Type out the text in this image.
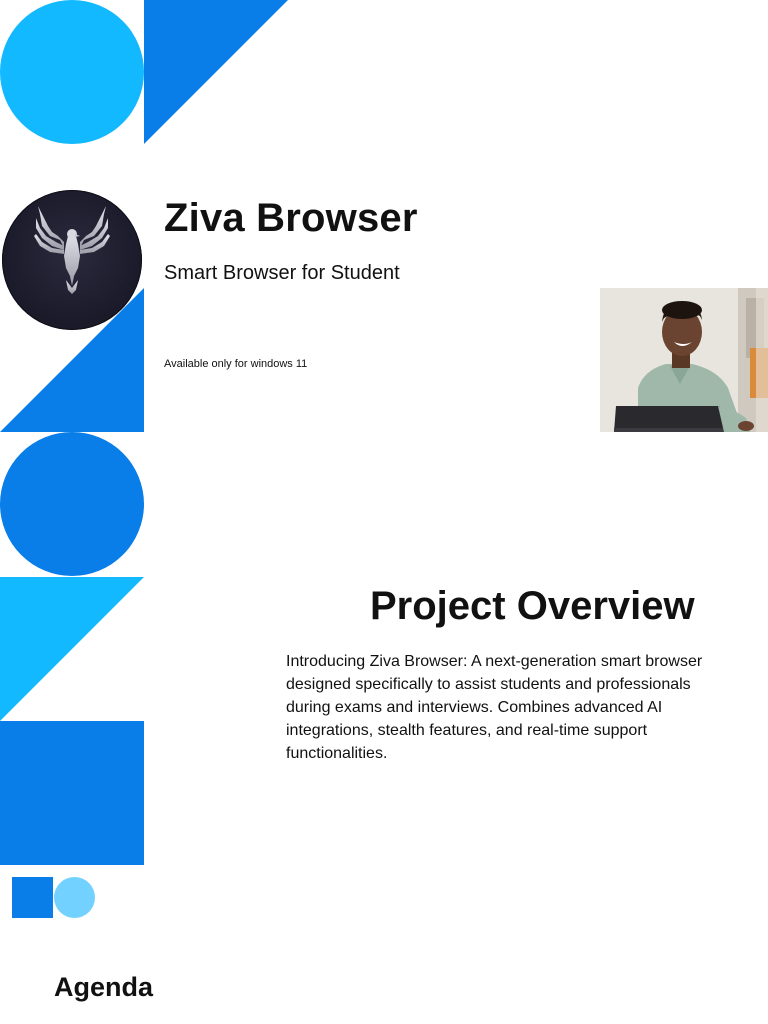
Ziva Browser
Smart Browser for Student
Available only for windows 11
Project Overview
Introducing Ziva Browser: A next-generation smart browser designed specifically to assist students and professionals during exams and interviews. Combines advanced AI integrations, stealth features, and real-time support functionalities.
Agenda
